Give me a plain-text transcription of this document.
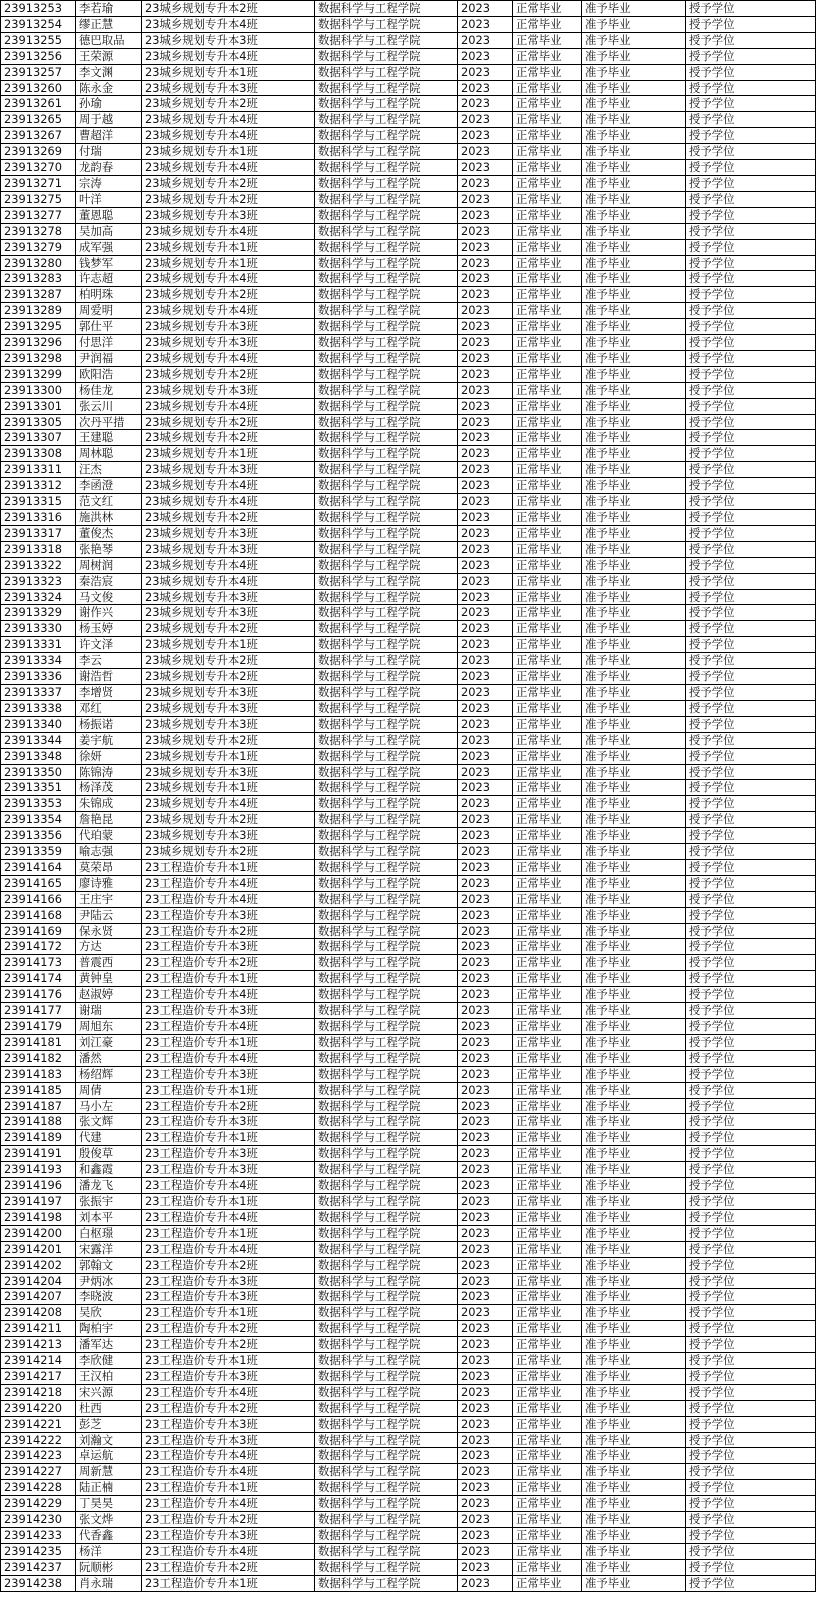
23913253	李若瑜	23城乡规划专升本2班	数据科学与工程学院	2023	正常毕业	准予毕业	授予学位
23913254	缪正慧	23城乡规划专升本4班	数据科学与工程学院	2023	正常毕业	准予毕业	授予学位
23913255	德巴取品	23城乡规划专升本3班	数据科学与工程学院	2023	正常毕业	准予毕业	授予学位
23913256	王荣源	23城乡规划专升本4班	数据科学与工程学院	2023	正常毕业	准予毕业	授予学位
23913257	李文渊	23城乡规划专升本1班	数据科学与工程学院	2023	正常毕业	准予毕业	授予学位
23913260	陈永金	23城乡规划专升本3班	数据科学与工程学院	2023	正常毕业	准予毕业	授予学位
23913261	孙瑜	23城乡规划专升本2班	数据科学与工程学院	2023	正常毕业	准予毕业	授予学位
23913265	周于越	23城乡规划专升本4班	数据科学与工程学院	2023	正常毕业	准予毕业	授予学位
23913267	曹超洋	23城乡规划专升本4班	数据科学与工程学院	2023	正常毕业	准予毕业	授予学位
23913269	付瑞	23城乡规划专升本1班	数据科学与工程学院	2023	正常毕业	准予毕业	授予学位
23913270	龙韵春	23城乡规划专升本4班	数据科学与工程学院	2023	正常毕业	准予毕业	授予学位
23913271	宗涛	23城乡规划专升本2班	数据科学与工程学院	2023	正常毕业	准予毕业	授予学位
23913275	叶洋	23城乡规划专升本2班	数据科学与工程学院	2023	正常毕业	准予毕业	授予学位
23913277	董恩聪	23城乡规划专升本3班	数据科学与工程学院	2023	正常毕业	准予毕业	授予学位
23913278	吴加高	23城乡规划专升本4班	数据科学与工程学院	2023	正常毕业	准予毕业	授予学位
23913279	成军强	23城乡规划专升本1班	数据科学与工程学院	2023	正常毕业	准予毕业	授予学位
23913280	钱梦军	23城乡规划专升本1班	数据科学与工程学院	2023	正常毕业	准予毕业	授予学位
23913283	许志超	23城乡规划专升本4班	数据科学与工程学院	2023	正常毕业	准予毕业	授予学位
23913287	柏明珠	23城乡规划专升本2班	数据科学与工程学院	2023	正常毕业	准予毕业	授予学位
23913289	周爱明	23城乡规划专升本4班	数据科学与工程学院	2023	正常毕业	准予毕业	授予学位
23913295	郭仕平	23城乡规划专升本3班	数据科学与工程学院	2023	正常毕业	准予毕业	授予学位
23913296	付思洋	23城乡规划专升本3班	数据科学与工程学院	2023	正常毕业	准予毕业	授予学位
23913298	尹润福	23城乡规划专升本4班	数据科学与工程学院	2023	正常毕业	准予毕业	授予学位
23913299	欧阳浩	23城乡规划专升本2班	数据科学与工程学院	2023	正常毕业	准予毕业	授予学位
23913300	杨佳龙	23城乡规划专升本3班	数据科学与工程学院	2023	正常毕业	准予毕业	授予学位
23913301	张云川	23城乡规划专升本4班	数据科学与工程学院	2023	正常毕业	准予毕业	授予学位
23913305	次丹平措	23城乡规划专升本2班	数据科学与工程学院	2023	正常毕业	准予毕业	授予学位
23913307	王建聪	23城乡规划专升本2班	数据科学与工程学院	2023	正常毕业	准予毕业	授予学位
23913308	周林聪	23城乡规划专升本1班	数据科学与工程学院	2023	正常毕业	准予毕业	授予学位
23913311	汪杰	23城乡规划专升本3班	数据科学与工程学院	2023	正常毕业	准予毕业	授予学位
23913312	李函澄	23城乡规划专升本4班	数据科学与工程学院	2023	正常毕业	准予毕业	授予学位
23913315	范文红	23城乡规划专升本4班	数据科学与工程学院	2023	正常毕业	准予毕业	授予学位
23913316	施洪林	23城乡规划专升本2班	数据科学与工程学院	2023	正常毕业	准予毕业	授予学位
23913317	董俊杰	23城乡规划专升本3班	数据科学与工程学院	2023	正常毕业	准予毕业	授予学位
23913318	张艳琴	23城乡规划专升本3班	数据科学与工程学院	2023	正常毕业	准予毕业	授予学位
23913322	周树润	23城乡规划专升本4班	数据科学与工程学院	2023	正常毕业	准予毕业	授予学位
23913323	秦浩宸	23城乡规划专升本4班	数据科学与工程学院	2023	正常毕业	准予毕业	授予学位
23913324	马文俊	23城乡规划专升本3班	数据科学与工程学院	2023	正常毕业	准予毕业	授予学位
23913329	谢作兴	23城乡规划专升本3班	数据科学与工程学院	2023	正常毕业	准予毕业	授予学位
23913330	杨玉婷	23城乡规划专升本2班	数据科学与工程学院	2023	正常毕业	准予毕业	授予学位
23913331	许文泽	23城乡规划专升本1班	数据科学与工程学院	2023	正常毕业	准予毕业	授予学位
23913334	李云	23城乡规划专升本2班	数据科学与工程学院	2023	正常毕业	准予毕业	授予学位
23913336	谢浩哲	23城乡规划专升本2班	数据科学与工程学院	2023	正常毕业	准予毕业	授予学位
23913337	李增贤	23城乡规划专升本3班	数据科学与工程学院	2023	正常毕业	准予毕业	授予学位
23913338	邓红	23城乡规划专升本3班	数据科学与工程学院	2023	正常毕业	准予毕业	授予学位
23913340	杨振诺	23城乡规划专升本3班	数据科学与工程学院	2023	正常毕业	准予毕业	授予学位
23913344	姜宇航	23城乡规划专升本2班	数据科学与工程学院	2023	正常毕业	准予毕业	授予学位
23913348	徐妍	23城乡规划专升本1班	数据科学与工程学院	2023	正常毕业	准予毕业	授予学位
23913350	陈锦涛	23城乡规划专升本3班	数据科学与工程学院	2023	正常毕业	准予毕业	授予学位
23913351	杨泽茂	23城乡规划专升本1班	数据科学与工程学院	2023	正常毕业	准予毕业	授予学位
23913353	朱锦成	23城乡规划专升本4班	数据科学与工程学院	2023	正常毕业	准予毕业	授予学位
23913354	詹艳昆	23城乡规划专升本2班	数据科学与工程学院	2023	正常毕业	准予毕业	授予学位
23913356	代珀蒙	23城乡规划专升本3班	数据科学与工程学院	2023	正常毕业	准予毕业	授予学位
23913359	喻志强	23城乡规划专升本2班	数据科学与工程学院	2023	正常毕业	准予毕业	授予学位
23914164	莫荣昂	23工程造价专升本1班	数据科学与工程学院	2023	正常毕业	准予毕业	授予学位
23914165	廖诗雅	23工程造价专升本4班	数据科学与工程学院	2023	正常毕业	准予毕业	授予学位
23914166	王庄宇	23工程造价专升本4班	数据科学与工程学院	2023	正常毕业	准予毕业	授予学位
23914168	尹陆云	23工程造价专升本3班	数据科学与工程学院	2023	正常毕业	准予毕业	授予学位
23914169	保永贤	23工程造价专升本2班	数据科学与工程学院	2023	正常毕业	准予毕业	授予学位
23914172	方达	23工程造价专升本3班	数据科学与工程学院	2023	正常毕业	准予毕业	授予学位
23914173	普震西	23工程造价专升本2班	数据科学与工程学院	2023	正常毕业	准予毕业	授予学位
23914174	黄钟皇	23工程造价专升本1班	数据科学与工程学院	2023	正常毕业	准予毕业	授予学位
23914176	赵淑婷	23工程造价专升本4班	数据科学与工程学院	2023	正常毕业	准予毕业	授予学位
23914177	谢瑞	23工程造价专升本3班	数据科学与工程学院	2023	正常毕业	准予毕业	授予学位
23914179	周旭东	23工程造价专升本4班	数据科学与工程学院	2023	正常毕业	准予毕业	授予学位
23914181	刘江豪	23工程造价专升本1班	数据科学与工程学院	2023	正常毕业	准予毕业	授予学位
23914182	潘然	23工程造价专升本4班	数据科学与工程学院	2023	正常毕业	准予毕业	授予学位
23914183	杨绍辉	23工程造价专升本3班	数据科学与工程学院	2023	正常毕业	准予毕业	授予学位
23914185	周倩	23工程造价专升本1班	数据科学与工程学院	2023	正常毕业	准予毕业	授予学位
23914187	马小左	23工程造价专升本2班	数据科学与工程学院	2023	正常毕业	准予毕业	授予学位
23914188	张文辉	23工程造价专升本3班	数据科学与工程学院	2023	正常毕业	准予毕业	授予学位
23914189	代建	23工程造价专升本1班	数据科学与工程学院	2023	正常毕业	准予毕业	授予学位
23914191	殷俊草	23工程造价专升本3班	数据科学与工程学院	2023	正常毕业	准予毕业	授予学位
23914193	和鑫霞	23工程造价专升本3班	数据科学与工程学院	2023	正常毕业	准予毕业	授予学位
23914196	潘龙飞	23工程造价专升本4班	数据科学与工程学院	2023	正常毕业	准予毕业	授予学位
23914197	张振宇	23工程造价专升本1班	数据科学与工程学院	2023	正常毕业	准予毕业	授予学位
23914198	刘本平	23工程造价专升本4班	数据科学与工程学院	2023	正常毕业	准予毕业	授予学位
23914200	白枢璟	23工程造价专升本1班	数据科学与工程学院	2023	正常毕业	准予毕业	授予学位
23914201	宋露洋	23工程造价专升本4班	数据科学与工程学院	2023	正常毕业	准予毕业	授予学位
23914202	郭翰文	23工程造价专升本2班	数据科学与工程学院	2023	正常毕业	准予毕业	授予学位
23914204	尹炳冰	23工程造价专升本3班	数据科学与工程学院	2023	正常毕业	准予毕业	授予学位
23914207	李晓波	23工程造价专升本3班	数据科学与工程学院	2023	正常毕业	准予毕业	授予学位
23914208	吴欣	23工程造价专升本1班	数据科学与工程学院	2023	正常毕业	准予毕业	授予学位
23914211	陶柏宇	23工程造价专升本2班	数据科学与工程学院	2023	正常毕业	准予毕业	授予学位
23914213	潘军达	23工程造价专升本2班	数据科学与工程学院	2023	正常毕业	准予毕业	授予学位
23914214	李欣健	23工程造价专升本1班	数据科学与工程学院	2023	正常毕业	准予毕业	授予学位
23914217	王汉柏	23工程造价专升本3班	数据科学与工程学院	2023	正常毕业	准予毕业	授予学位
23914218	宋兴源	23工程造价专升本4班	数据科学与工程学院	2023	正常毕业	准予毕业	授予学位
23914220	杜西	23工程造价专升本2班	数据科学与工程学院	2023	正常毕业	准予毕业	授予学位
23914221	彭芝	23工程造价专升本3班	数据科学与工程学院	2023	正常毕业	准予毕业	授予学位
23914222	刘瀚文	23工程造价专升本3班	数据科学与工程学院	2023	正常毕业	准予毕业	授予学位
23914223	卓运航	23工程造价专升本4班	数据科学与工程学院	2023	正常毕业	准予毕业	授予学位
23914227	周新慧	23工程造价专升本4班	数据科学与工程学院	2023	正常毕业	准予毕业	授予学位
23914228	陆正楠	23工程造价专升本1班	数据科学与工程学院	2023	正常毕业	准予毕业	授予学位
23914229	丁昊昊	23工程造价专升本4班	数据科学与工程学院	2023	正常毕业	准予毕业	授予学位
23914230	张文烨	23工程造价专升本2班	数据科学与工程学院	2023	正常毕业	准予毕业	授予学位
23914233	代香鑫	23工程造价专升本3班	数据科学与工程学院	2023	正常毕业	准予毕业	授予学位
23914235	杨洋	23工程造价专升本4班	数据科学与工程学院	2023	正常毕业	准予毕业	授予学位
23914237	阮顺彬	23工程造价专升本2班	数据科学与工程学院	2023	正常毕业	准予毕业	授予学位
23914238	肖永瑞	23工程造价专升本1班	数据科学与工程学院	2023	正常毕业	准予毕业	授予学位
